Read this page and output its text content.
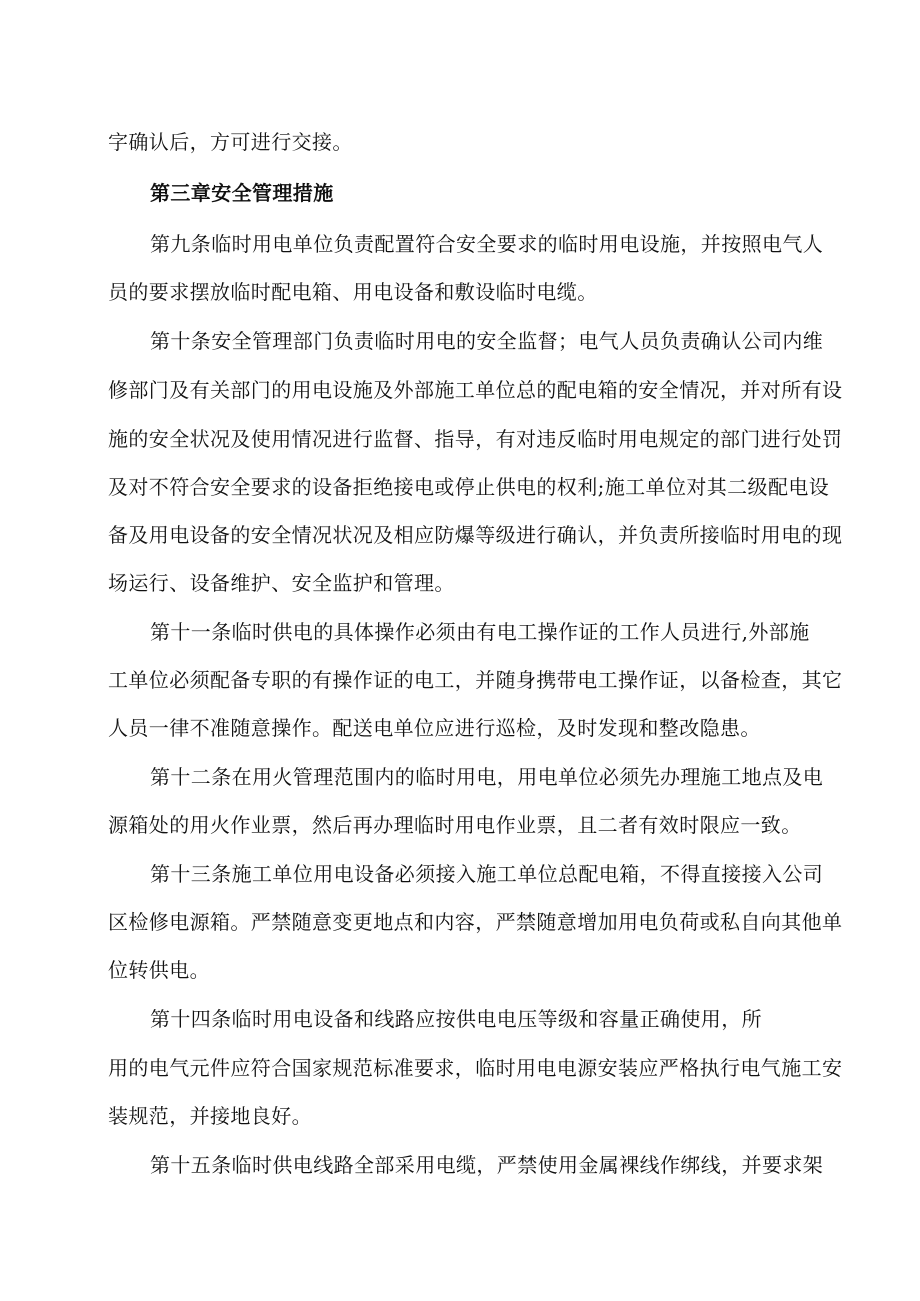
字确认后，方可进行交接。
第三章安全管理措施
第九条临时用电单位负责配置符合安全要求的临时用电设施，并按照电气人
员的要求摆放临时配电箱、用电设备和敷设临时电缆。
第十条安全管理部门负责临时用电的安全监督；电气人员负责确认公司内维
修部门及有关部门的用电设施及外部施工单位总的配电箱的安全情况，并对所有设
施的安全状况及使用情况进行监督、指导，有对违反临时用电规定的部门进行处罚
及对不符合安全要求的设备拒绝接电或停止供电的权利;施工单位对其二级配电设
备及用电设备的安全情况状况及相应防爆等级进行确认，并负责所接临时用电的现
场运行、设备维护、安全监护和管理。
第十一条临时供电的具体操作必须由有电工操作证的工作人员进行,外部施
工单位必须配备专职的有操作证的电工，并随身携带电工操作证，以备检查，其它
人员一律不准随意操作。配送电单位应进行巡检，及时发现和整改隐患。
第十二条在用火管理范围内的临时用电，用电单位必须先办理施工地点及电
源箱处的用火作业票，然后再办理临时用电作业票，且二者有效时限应一致。
第十三条施工单位用电设备必须接入施工单位总配电箱，不得直接接入公司
区检修电源箱。严禁随意变更地点和内容，严禁随意增加用电负荷或私自向其他单
位转供电。
第十四条临时用电设备和线路应按供电电压等级和容量正确使用，所
用的电气元件应符合国家规范标准要求，临时用电电源安装应严格执行电气施工安
装规范，并接地良好。
第十五条临时供电线路全部采用电缆，严禁使用金属裸线作绑线，并要求架
